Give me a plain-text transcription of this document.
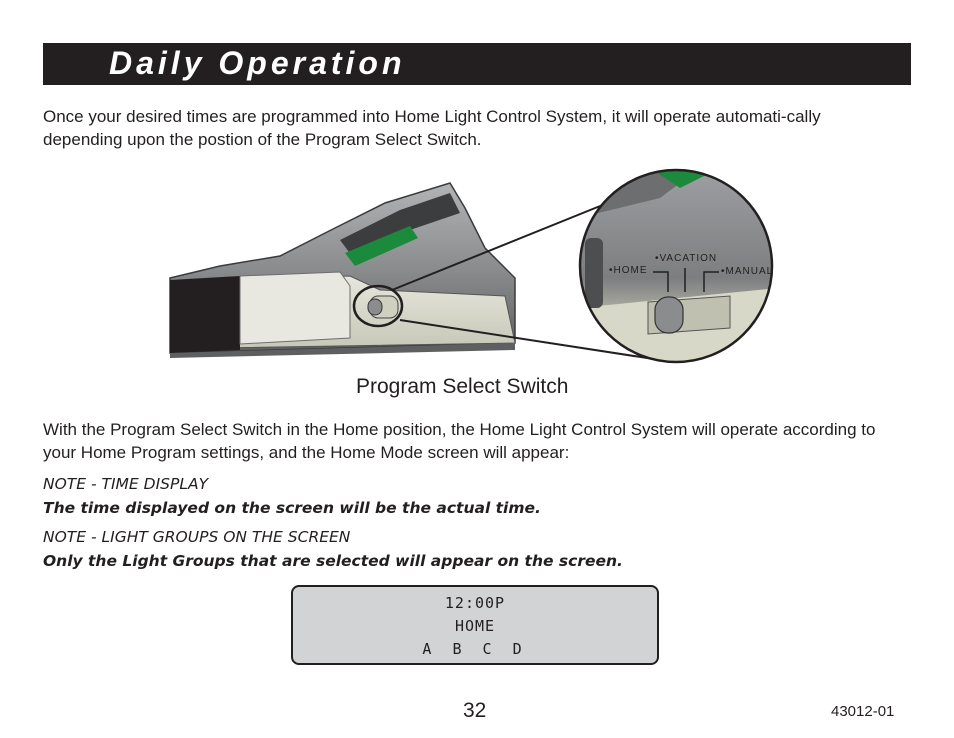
Daily Operation

Once your desired times are programmed into Home Light Control System, it will operate automati-cally depending upon the postion of the Program Select Switch.

•HOME
•VACATION
•MANUAL
Program Select Switch

With the Program Select Switch in the Home position, the Home Light Control System will operate according to your Home Program settings, and the Home Mode screen will appear:

NOTE - TIME DISPLAY
The time displayed on the screen will be the actual time.
NOTE - LIGHT GROUPS ON THE SCREEN
Only the Light Groups that are selected will appear on the screen.
12:00P
HOME
A B C D
32	43012-01
